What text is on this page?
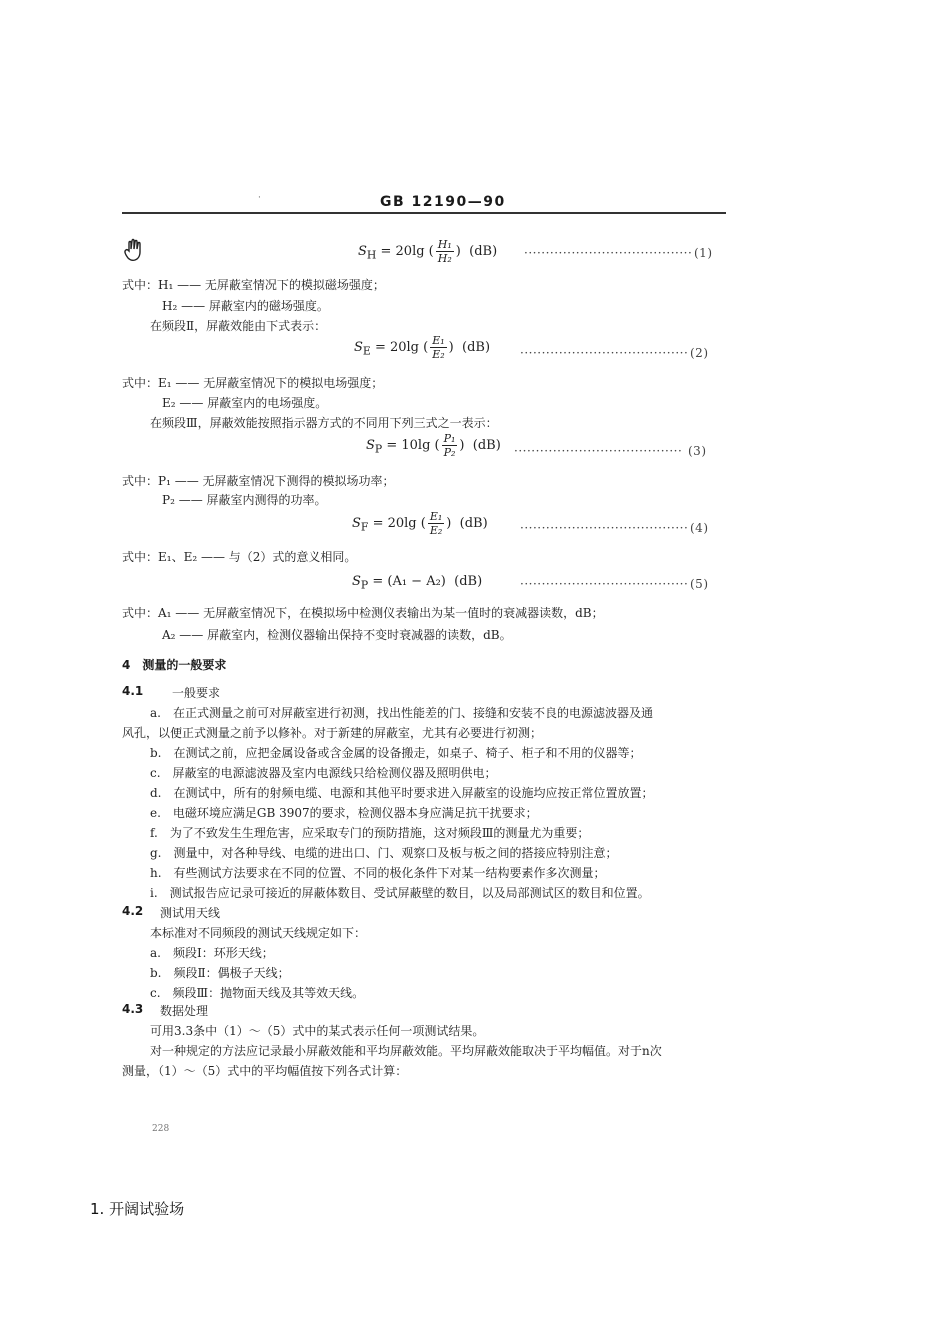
GB 12190—90
·
$S_H = 20\lg$ ( $\frac{\text{H₁}}{\text{H₂}}$ )  (dB) ······································· (1)
式中：H₁ —— 无屏蔽室情况下的模拟磁场强度；
H₂ —— 屏蔽室内的磁场强度。
在频段Ⅱ，屏蔽效能由下式表示：
$S_E = 20\lg$ ( $\frac{\text{E₁}}{\text{E₂}}$ )  (dB) ······································· (2)
式中：E₁ —— 无屏蔽室情况下的模拟电场强度；
E₂ —— 屏蔽室内的电场强度。
在频段Ⅲ，屏蔽效能按照指示器方式的不同用下列三式之一表示：
$S_P = 10\lg$ ( $\frac{\text{P₁}}{\text{P₂}}$ )  (dB) ······································· (3)
式中：P₁ —— 无屏蔽室情况下测得的模拟场功率；
P₂ —— 屏蔽室内测得的功率。
$S_F = 20\lg$ ( $\frac{\text{E₁}}{\text{E₂}}$ )  (dB)	······································· (4)
式中：E₁、E₂ —— 与（2）式的意义相同。
$S_P = (A_1 - A_2)$ (dB)	······································· (5)
式中：A₁ —— 无屏蔽室情况下，在模拟场中检测仪表输出为某一值时的衰减器读数，dB；
A₂ —— 屏蔽室内，检测仪器输出保持不变时衰减器的读数，dB。
4　测量的一般要求
4.1 一般要求
a.　在正式测量之前可对屏蔽室进行初测，找出性能差的门、接缝和安装不良的电源滤波器及通
风孔，以便正式测量之前予以修补。对于新建的屏蔽室，尤其有必要进行初测；
b.　在测试之前，应把金属设备或含金属的设备搬走，如桌子、椅子、柜子和不用的仪器等；
c.　屏蔽室的电源滤波器及室内电源线只给检测仪器及照明供电；
d.　在测试中，所有的射频电缆、电源和其他平时要求进入屏蔽室的设施均应按正常位置放置；
e.　电磁环境应满足GB 3907的要求，检测仪器本身应满足抗干扰要求；
f.　为了不致发生生理危害，应采取专门的预防措施，这对频段Ⅲ的测量尤为重要；
g.　测量中，对各种导线、电缆的进出口、门、观察口及板与板之间的搭接应特别注意；
h.　有些测试方法要求在不同的位置、不同的极化条件下对某一结构要素作多次测量；
i.　测试报告应记录可接近的屏蔽体数目、受试屏蔽壁的数目，以及局部测试区的数目和位置。
4.2 测试用天线
本标准对不同频段的测试天线规定如下：
a.　频段Ⅰ：环形天线；
b.　频段Ⅱ：偶极子天线；
c.　频段Ⅲ：抛物面天线及其等效天线。
4.3 数据处理
可用3.3条中（1）～（5）式中的某式表示任何一项测试结果。
对一种规定的方法应记录最小屏蔽效能和平均屏蔽效能。平均屏蔽效能取决于平均幅值。对于n次
测量，（1）～（5）式中的平均幅值按下列各式计算：
228
1. 开阔试验场
